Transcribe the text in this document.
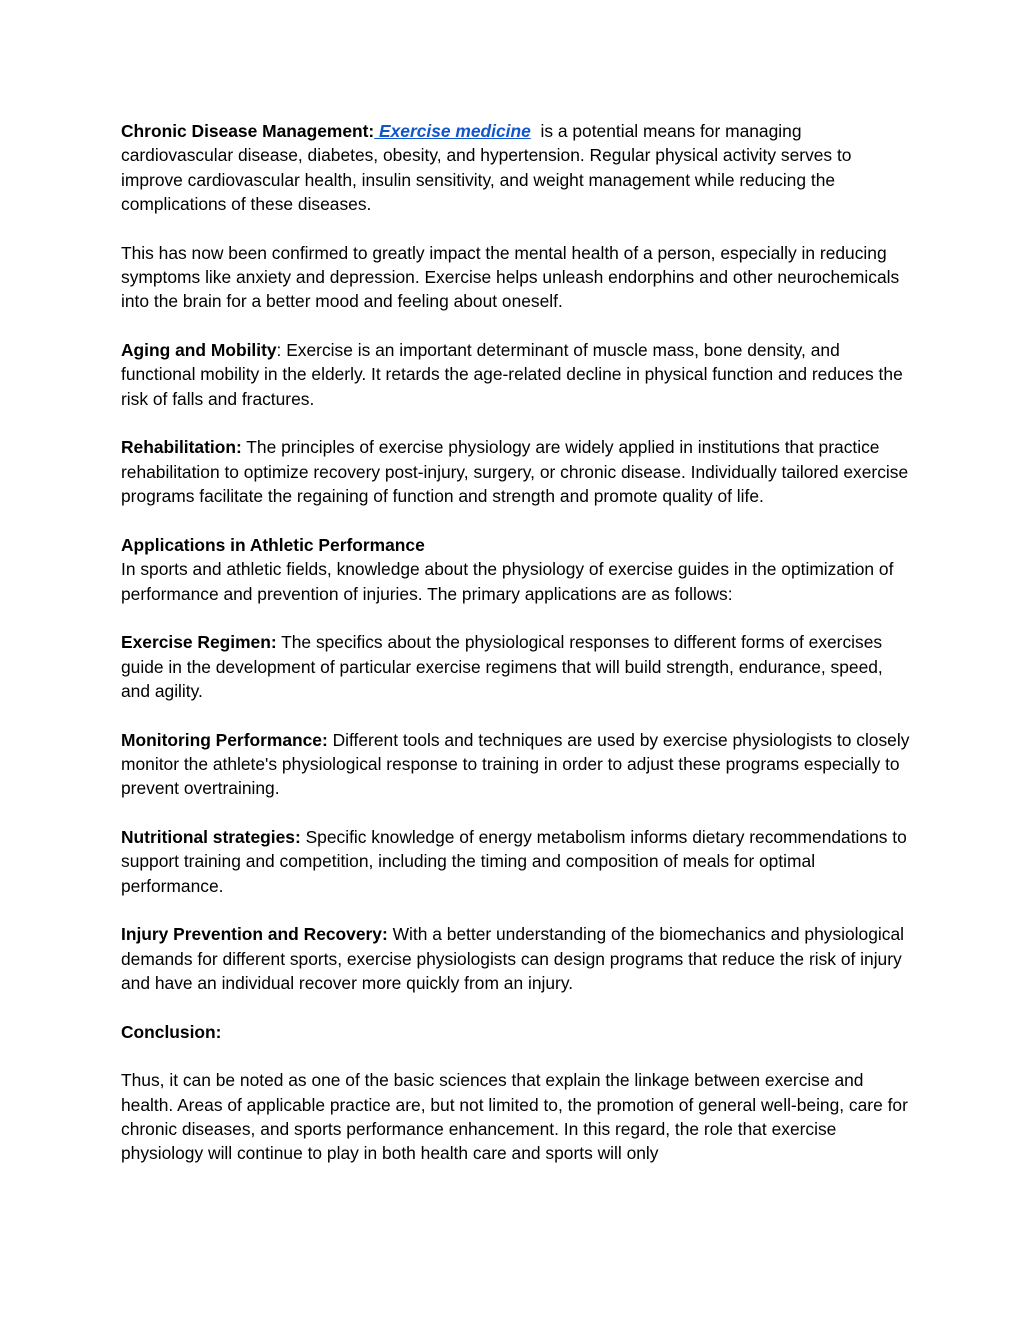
Chronic Disease Management: Exercise medicine  is a potential means for managing cardiovascular disease, diabetes, obesity, and hypertension. Regular physical activity serves to improve cardiovascular health, insulin sensitivity, and weight management while reducing the complications of these diseases.

This has now been confirmed to greatly impact the mental health of a person, especially in reducing symptoms like anxiety and depression. Exercise helps unleash endorphins and other neurochemicals into the brain for a better mood and feeling about oneself.

Aging and Mobility: Exercise is an important determinant of muscle mass, bone density, and functional mobility in the elderly. It retards the age-related decline in physical function and reduces the risk of falls and fractures.

Rehabilitation: The principles of exercise physiology are widely applied in institutions that practice rehabilitation to optimize recovery post-injury, surgery, or chronic disease. Individually tailored exercise programs facilitate the regaining of function and strength and promote quality of life.

Applications in Athletic Performance

In sports and athletic fields, knowledge about the physiology of exercise guides in the optimization of performance and prevention of injuries. The primary applications are as follows:

Exercise Regimen: The specifics about the physiological responses to different forms of exercises guide in the development of particular exercise regimens that will build strength, endurance, speed, and agility.

Monitoring Performance: Different tools and techniques are used by exercise physiologists to closely monitor the athlete's physiological response to training in order to adjust these programs especially to prevent overtraining.

Nutritional strategies: Specific knowledge of energy metabolism informs dietary recommendations to support training and competition, including the timing and composition of meals for optimal performance.

Injury Prevention and Recovery: With a better understanding of the biomechanics and physiological demands for different sports, exercise physiologists can design programs that reduce the risk of injury and have an individual recover more quickly from an injury.

Conclusion:

Thus, it can be noted as one of the basic sciences that explain the linkage between exercise and health. Areas of applicable practice are, but not limited to, the promotion of general well-being, care for chronic diseases, and sports performance enhancement. In this regard, the role that exercise physiology will continue to play in both health care and sports will only
